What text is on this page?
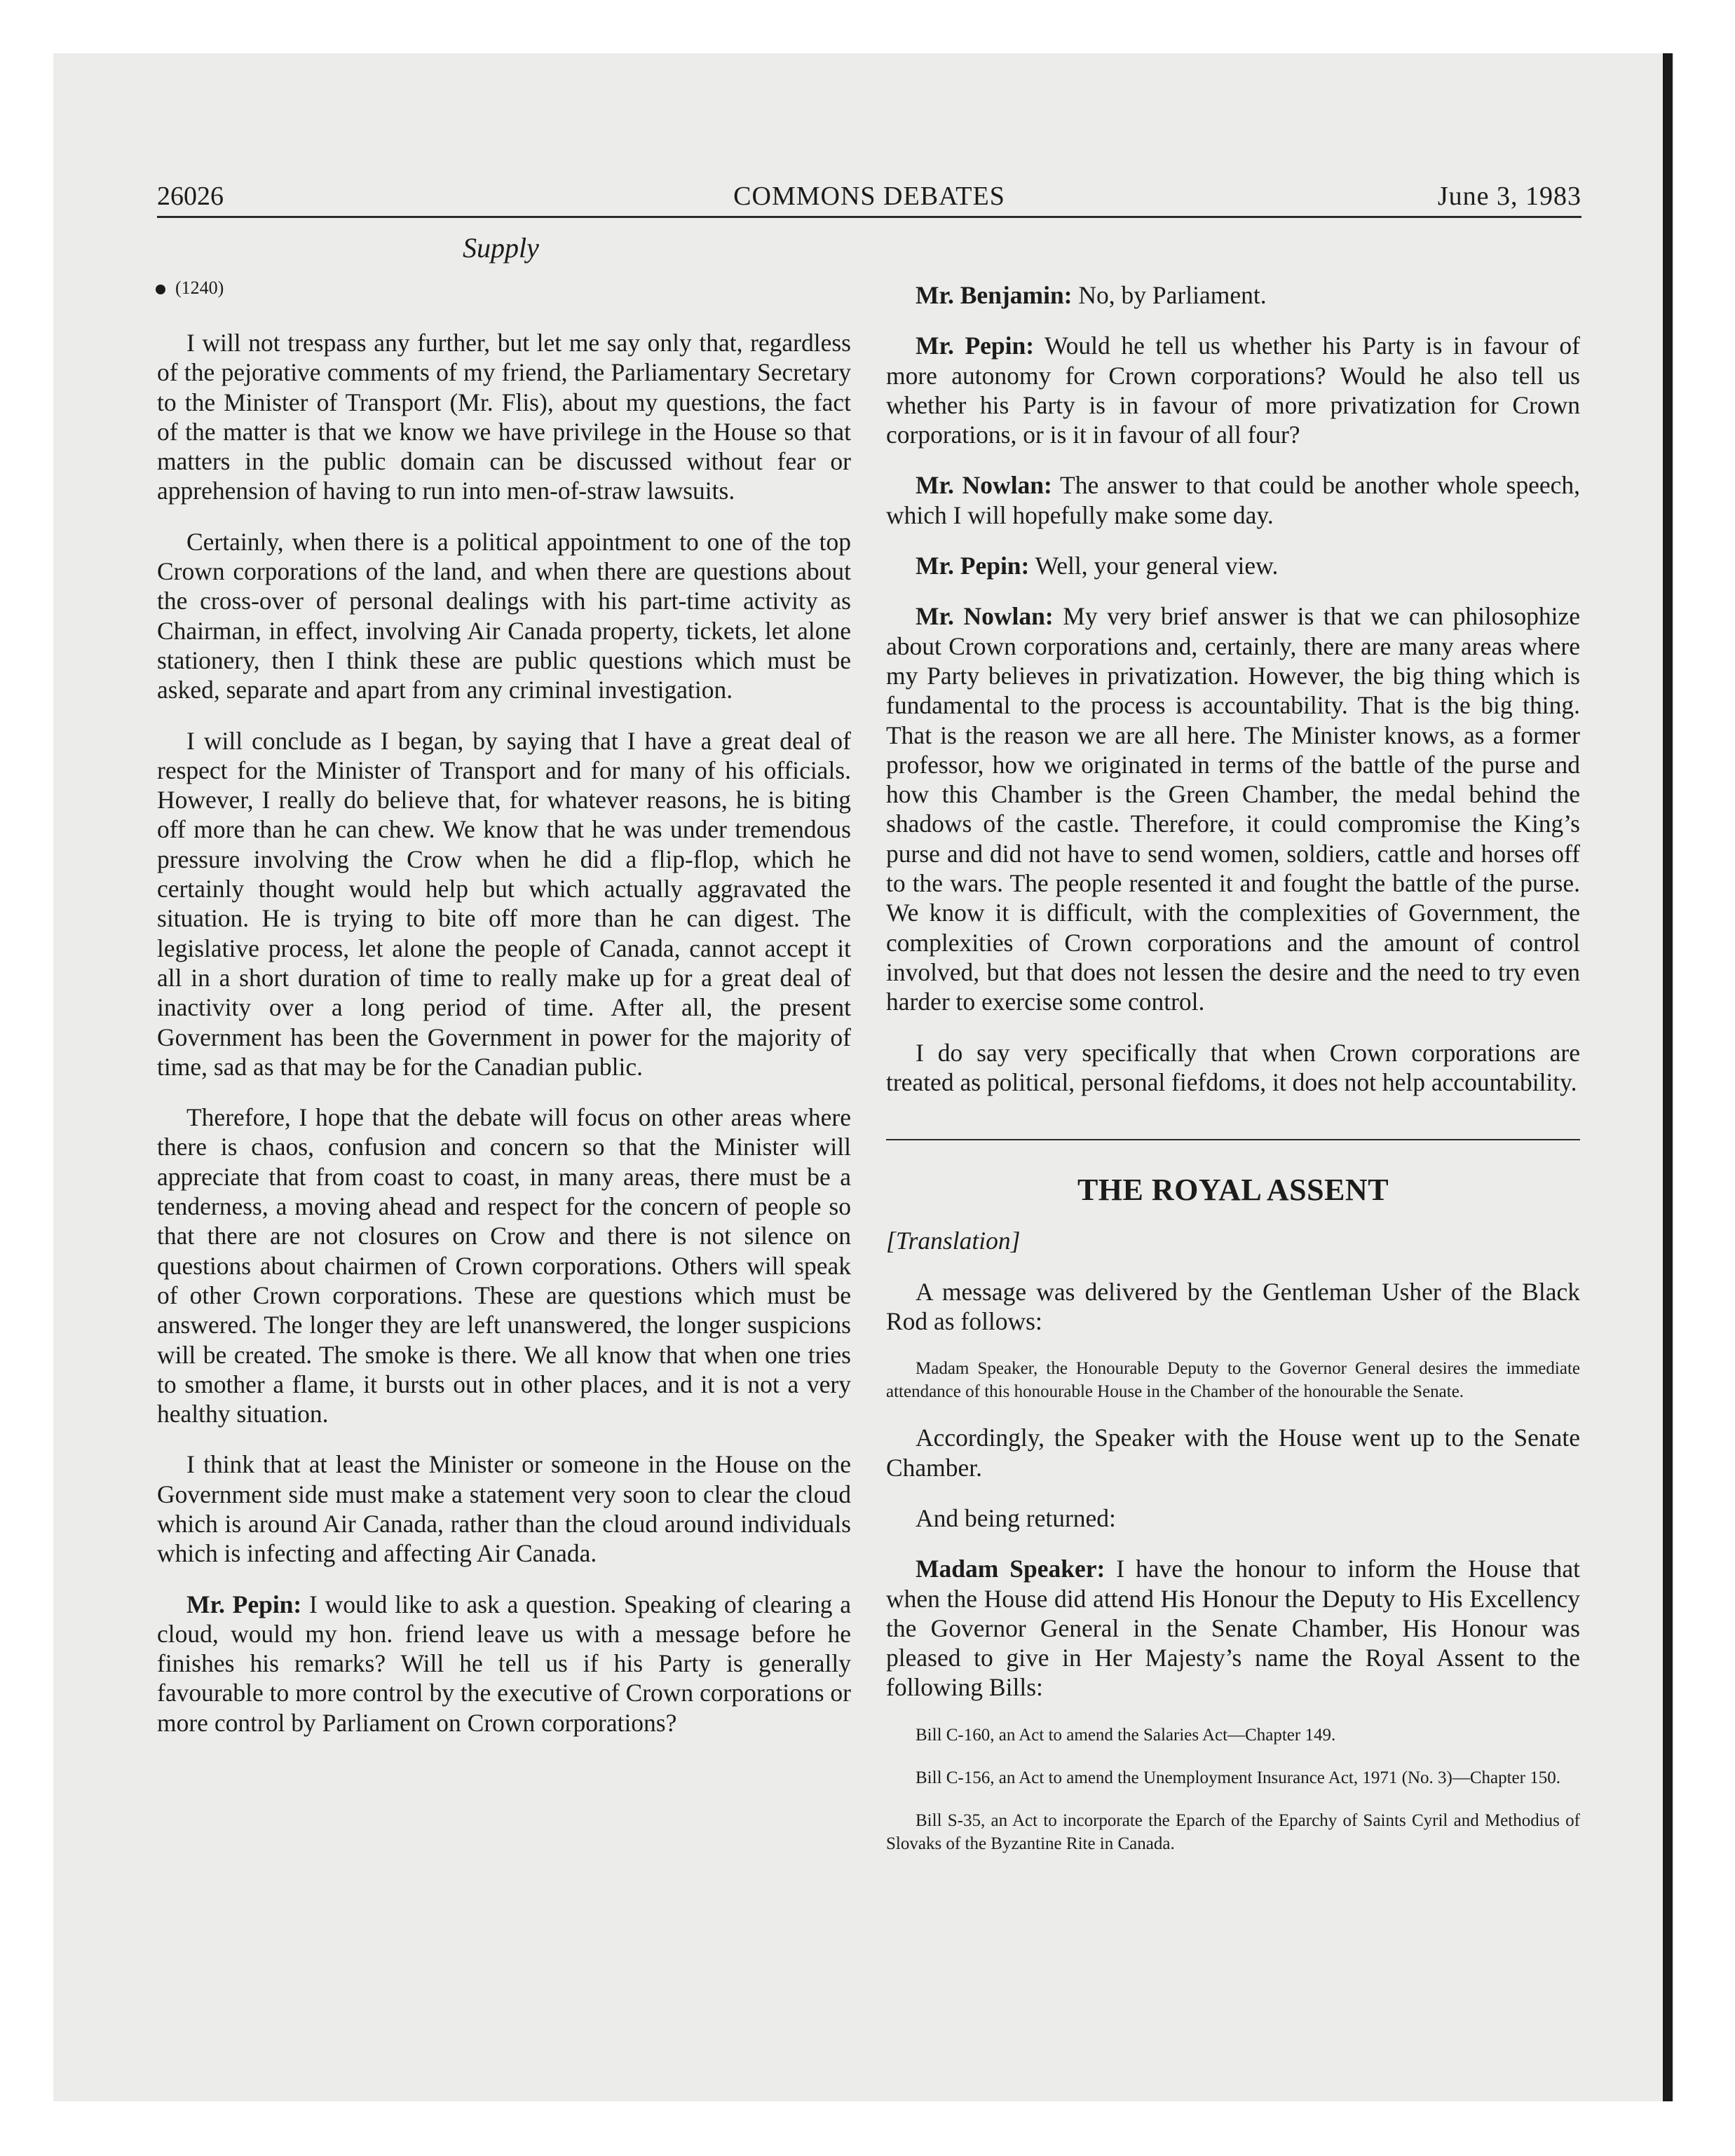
26026	COMMONS DEBATES	June 3, 1983
Supply
(1240)

I will not trespass any further, but let me say only that, regardless of the pejorative comments of my friend, the Parliamentary Secretary to the Minister of Transport (Mr. Flis), about my questions, the fact of the matter is that we know we have privilege in the House so that matters in the public domain can be discussed without fear or apprehension of having to run into men-of-straw lawsuits.

Certainly, when there is a political appointment to one of the top Crown corporations of the land, and when there are questions about the cross-over of personal dealings with his part-time activity as Chairman, in effect, involving Air Canada property, tickets, let alone stationery, then I think these are public questions which must be asked, separate and apart from any criminal investigation.

I will conclude as I began, by saying that I have a great deal of respect for the Minister of Transport and for many of his officials. However, I really do believe that, for whatever reasons, he is biting off more than he can chew. We know that he was under tremendous pressure involving the Crow when he did a flip-flop, which he certainly thought would help but which actually aggravated the situation. He is trying to bite off more than he can digest. The legislative process, let alone the people of Canada, cannot accept it all in a short duration of time to really make up for a great deal of inactivity over a long period of time. After all, the present Government has been the Government in power for the majority of time, sad as that may be for the Canadian public.

Therefore, I hope that the debate will focus on other areas where there is chaos, confusion and concern so that the Minister will appreciate that from coast to coast, in many areas, there must be a tenderness, a moving ahead and respect for the concern of people so that there are not closures on Crow and there is not silence on questions about chairmen of Crown corporations. Others will speak of other Crown corporations. These are questions which must be answered. The longer they are left unanswered, the longer suspicions will be created. The smoke is there. We all know that when one tries to smother a flame, it bursts out in other places, and it is not a very healthy situation.

I think that at least the Minister or someone in the House on the Government side must make a statement very soon to clear the cloud which is around Air Canada, rather than the cloud around individuals which is infecting and affecting Air Canada.

Mr. Pepin: I would like to ask a question. Speaking of clearing a cloud, would my hon. friend leave us with a message before he finishes his remarks? Will he tell us if his Party is generally favourable to more control by the executive of Crown corporations or more control by Parliament on Crown corporations?

Mr. Benjamin: No, by Parliament.

Mr. Pepin: Would he tell us whether his Party is in favour of more autonomy for Crown corporations? Would he also tell us whether his Party is in favour of more privatization for Crown corporations, or is it in favour of all four?

Mr. Nowlan: The answer to that could be another whole speech, which I will hopefully make some day.

Mr. Pepin: Well, your general view.

Mr. Nowlan: My very brief answer is that we can philosophize about Crown corporations and, certainly, there are many areas where my Party believes in privatization. However, the big thing which is fundamental to the process is accountability. That is the big thing. That is the reason we are all here. The Minister knows, as a former professor, how we originated in terms of the battle of the purse and how this Chamber is the Green Chamber, the medal behind the shadows of the castle. Therefore, it could compromise the King’s purse and did not have to send women, soldiers, cattle and horses off to the wars. The people resented it and fought the battle of the purse. We know it is difficult, with the complexities of Government, the complexities of Crown corporations and the amount of control involved, but that does not lessen the desire and the need to try even harder to exercise some control.

I do say very specifically that when Crown corporations are treated as political, personal fiefdoms, it does not help accountability.

THE ROYAL ASSENT

[Translation]

A message was delivered by the Gentleman Usher of the Black Rod as follows:

Madam Speaker, the Honourable Deputy to the Governor General desires the immediate attendance of this honourable House in the Chamber of the honourable the Senate.

Accordingly, the Speaker with the House went up to the Senate Chamber.

And being returned:

Madam Speaker: I have the honour to inform the House that when the House did attend His Honour the Deputy to His Excellency the Governor General in the Senate Chamber, His Honour was pleased to give in Her Majesty’s name the Royal Assent to the following Bills:

Bill C-160, an Act to amend the Salaries Act—Chapter 149.

Bill C-156, an Act to amend the Unemployment Insurance Act, 1971 (No. 3)—Chapter 150.

Bill S-35, an Act to incorporate the Eparch of the Eparchy of Saints Cyril and Methodius of Slovaks of the Byzantine Rite in Canada.
